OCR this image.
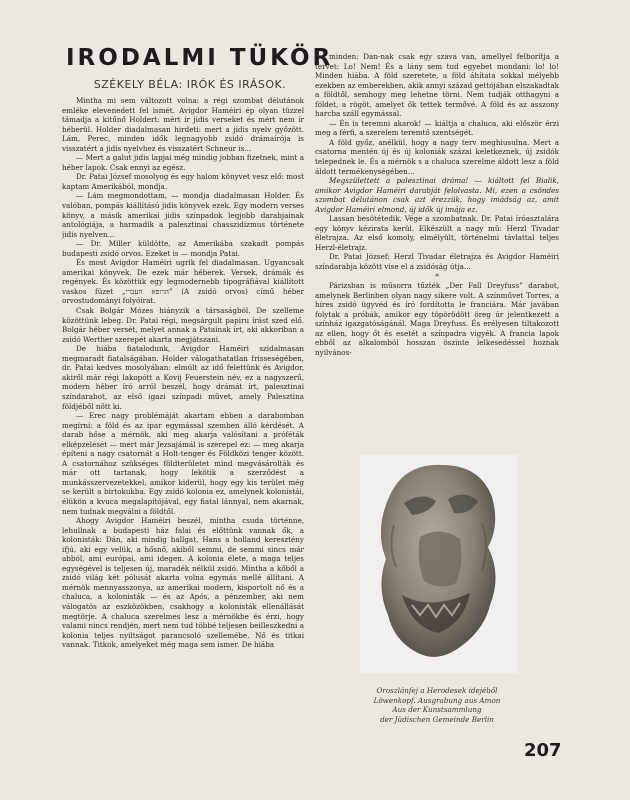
IRODALMI TÜKÖR
SZÉKELY BÉLA: IRÓK ÉS IRÁSOK.

Mintha mi sem változott volna: a régi szombat délutánok emléke elevenedett fel ismét. Avigdor Haméiri ép olyan tüzzel támadja a kitűnő Holdert: mért ír jidis verseket és mért nem ír héberül. Holder diadalmasan hirdeti: mert a jidis nyelv győzött. Lám, Perec, minden idők legnagyobb zsidó drámaírója is visszatért a jidis nyelvhez és visszatért Schneur is...

— Mert a galut jidis lapjai még mindig jobban fizetnek, mint a héber lapok. Csak ennyi az egész.

Dr. Patai József mosolyog és egy halom könyvet vesz elő: most kaptam Amerikából, mondja.

— Lám megmondottam, — mondja diadalmasan Holder. És valóban, pompás kiállítású jidis könyvek ezek. Egy modern verses könyv, a másik amerikai jidis színpadok legjobb darabjainak antológiája, a harmadik a palesztinai chasszidizmus története jidis nyelven...

— Dr. Miller küldötte, az Amerikába szakadt pompás budapesti zsidó orvos. Ezeket is — mondja Patai.

És most Avigdor Haméiri ugrik fel diadalmasan. Ugyancsak amerikai könyvek. De ezek már héberek. Versek, drámák és regények. És közöttük egy legmodernebb tipográfiával kiállított vaskos füzet „הרופא העברי” (A zsidó orvos) című héber orvostudományi folyóirat.

Csak Bolgár Mózes hiányzik a társaságból. De szelleme közöttünk lebeg. Dr. Patai régi, megsárgult papiru írást szed elő. Bolgár héber versét, melyet annak a Patainak írt, aki akkoriban a zsidó Werther szerepét akarta megjátszani.

De hiába fiatalodunk, Avigdor Haméiri szidalmasan megmaradt fiatalságában. Holder válogathatatlan frisseségében, dr. Patai kedves mosolyában: elmúlt az idő felettünk és Avigdor, akiről már régi lakopótt a Kovij Feuerstein név, ez a nagyszerű, modern héber író arról beszél, hogy drámát írt, palesztinai színdarabot, az első igazi színpadi művet, amely Palesztina földjéből nőtt ki.

— Erec nagy problémáját akartam ebben a darabomban megírni: a föld és az ipar egymással szemben álló kérdését. A darab hőse a mérnök, aki meg akarja valósítani a próféták elképzelését — mert már Jezsajámál is szerepel ez: — meg akarja építeni a nagy csatornát a Holt-tenger és Földközi tenger között. A csatornához szükséges földterületet mind megvásárolták és már ott tartanak, hogy lekötik a szerződést a munkásszervezetekkel, amikor kiderül, hogy egy kis terület még se került a birtokukba. Egy zsidó kolonia ez, amelynek kolonistái, élükön a kvuca megalapítójával, egy fiatal lánnyal, nem akarnak, nem tudnak megválni a földtől.

Ahogy Avigdor Haméiri beszél, mintha csuda történne, lehullnak a budapesti ház falai és előttünk vannak ők, a kolonisták: Dán, aki mindig hallgat, Hans a holland keresztény ifjú, aki egy velük, a hősnő, akiből semmi, de semmi sincs már abból, ami európai, ami idegen. A kolonia élete, a maga teljes egységével is teljesen új, maradék nélkül zsidó. Mintha a kőből a zsidó világ két pólusát akarta volna egymás mellé állítani. A mérnök mennyasszonya, az amerikai modern, kisportolt nő és a chaluca, a kolonisták — és az Após, a pénzember, aki nem válogatós az eszközökben, csakhogy a kolonisták ellenállását megtörje. A chaluca szerelmes lesz a mérnökbe és érzi, hogy valami nincs rendjén, mert nem tud többé teljesen beilleszkedni a kolonia teljes nyiltságot parancsoló szellemébe. Nő és titkai vannak. Titkok, amelyeket még maga sem ismer. De hiába

minden: Dan-nak csak egy szava van, amellyel felborítja a tervet: Lo! Nem! És a lány sem tud egyebet mondani: lo! lo! Minden hiába. A föld szeretete, a föld áhítata sokkal mélyebb ezekben az emberekben, akik annyi század gettójában elszakadtak a földtől, semhogy meg lehetne törni. Nem tudják otthagyni a földet, a rögöt, amelyet ők tettek termővé. A föld és az asszony harcba száll egymással.

— Én is teremni akarok! — kiáltja a chaluca, aki először érzi meg a férfi, a szerelem teremtő szentségét.

A föld győz, anélkül, hogy a nagy terv meghiusulna. Mert a csatorna mentén új és új koloniák százai keletkeznek, új zsidók telepednek le. És a mérnök s a chaluca szerelme áldott lesz a föld áldott termékenységében...

Megszülettett a palesztinai dráma! — kiáltott fel Bialik, amikor Avigdor Haméiri darabját felolvasta. Mi, ezen a csöndes szombat délutánon csak azt érezzük, hogy imádság az, amit Avigdor Haméiri elmond, új idők új imája ez.

Lassan besötétedik. Vége a szombatnak. Dr. Patai íróasztalára egy könyv kézirata kerül. Elkészült a nagy mű: Herzl Tivadar életrajza. Az első komoly, elmélyült, történelmi távlattal teljes Herzl-életrajz.

Dr. Patai József: Herzl Tivadar életrajza és Avigdor Haméiri színdarabja között vise el a zsidóság útja...

*

Párizsban is műsorra tűzték „Der Fall Dreyfuss” darabot, amelynek Berlinben olyan nagy sikere volt. A színművet Torres, a híres zsidó ügyvéd és író fordította le franciára. Már javában folytak a próbák, amikor egy töpörödött öreg úr jelentkezett a színház igazgatóságánál. Maga Dreyfuss. És erélyesen tiltakozott az ellen, hogy őt és esetét a színpadra vigyék. A francia lapok ebből az alkalomból hosszan öszinte lelkesedéssel hoznak nyilvános-

Oroszlánfej a Herodesek idejéből
Löwenkopf. Ausgrabung aus Amon
Aus der Kunstsammlung
der Jüdischen Gemeinde Berlin
207
